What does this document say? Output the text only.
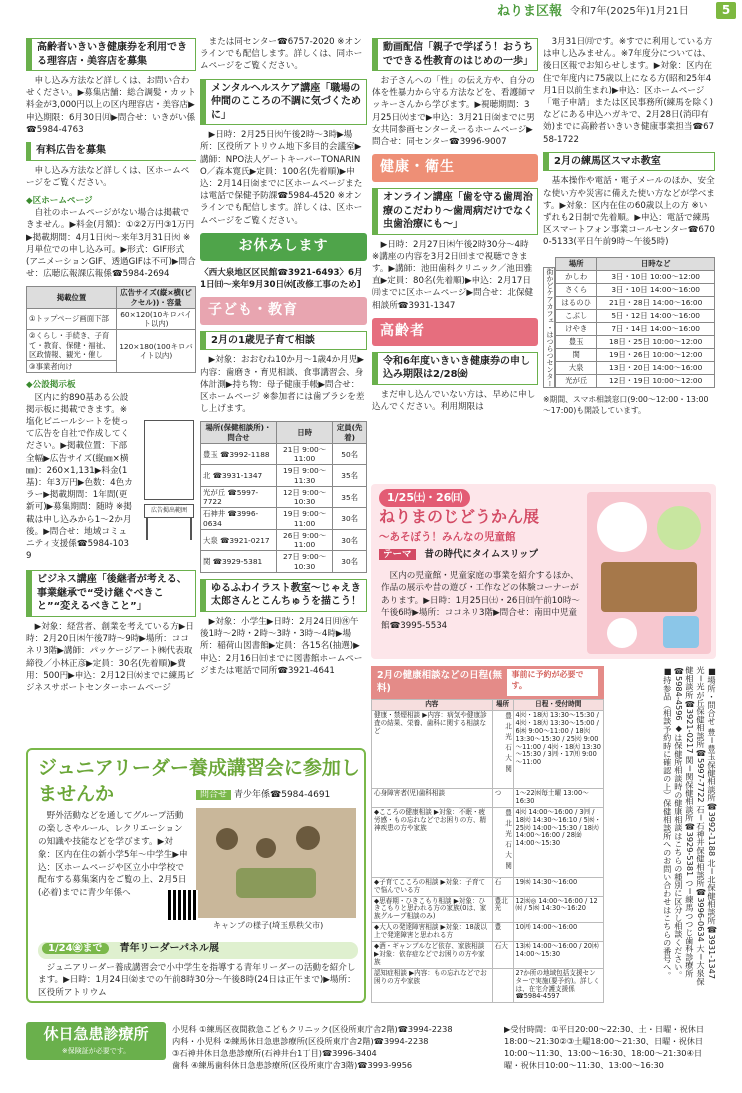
ねりま区報 令和7年(2025年)1月21日	5
高齢者いきいき健康券を利用できる理容店・美容店を募集
申し込み方法など詳しくは、お問い合わせください。▶募集店舗：総合調髪・カット料金が3,000円以上の区内理容店・美容店▶申込期限：6月30日㈪▶問合せ：いきがい係☎5984-4763
有料広告を募集
申し込み方法など詳しくは、区ホームページをご覧ください。
◆区ホームページ
自社のホームページがない場合は掲載できません。▶料金(月額)：①②2万円③1万円▶掲載期間：4月1日㈫～来年3月31日㈫ ※月単位での申し込み可。▶形式：GIF形式(アニメーションGIF、透過GIFは不可)▶問合せ：広聴広報課広報係☎5984-2694
掲載位置	広告サイズ(縦×横(ピクセル))・容量
①トップページ画面下部	60×120(10キロバイト以内)
②くらし・手続き、子育て・教育、保健・福祉、区政情報、観光・催し	120×180(100キロバイト以内)
③事業者向け	
◆公設掲示板
区内に約890基ある公設掲示板に掲載できます。※塩化ビニールシートを使って広告を自社で作成してください。▶掲載位置：下部全幅▶広告サイズ(縦㎜×横㎜)：260×1,131▶料金(1基)：年3万円▶色数：4色カラー▶掲載期間：1年間(更新可)▶募集期間：随時 ※掲載は申し込みから1～2か月後。▶問合せ：地域コミュニティ支援係☎5984-1039
広告掲出範囲
ビジネス講座「後継者が考える、事業継承で“受け継ぐべきこと”“変えるべきこと”」
▶対象：経営者、創業を考えている方▶日時：2月20日㈭午後7時～9時▶場所：ココネリ3階▶講師：パッケージアート㈱代表取締役／小林正彦▶定員：30名(先着順)▶費用：500円▶申込：2月12日㈬までに練馬ビジネスサポートセンターホームページ
または同センター☎6757-2020 ※オンラインでも配信します。詳しくは、同ホームページをご覧ください。
メンタルヘルスケア講座「職場の仲間のこころの不調に気づくために」
▶日時：2月25日㈫午後2時～3時▶場所：区役所アトリウム地下多目的会議室▶講師：NPO法人ゲートキーパーTONARINO／森本寛氏▶定員：100名(先着順)▶申込：2月14日㈮までに区ホームページまたは電話で保健予防課☎5984-4520 ※オンラインでも配信します。詳しくは、区ホームページをご覧ください。
お休みします
〈西大泉地区区民館☎3921-6493〉6月1日㈰～来年9月30日㈬[改修工事のため]
子ども・教育
2月の1歳児子育て相談
▶対象：おおむね10か月～1歳4か月児▶内容：歯磨き・育児相談、食事講習会、身体計測▶持ち物：母子健康手帳▶問合せ：区ホームページ ※参加者には歯ブラシを差し上げます。
場所(保健相談所)・問合せ	日時	定員(先着)
豊玉 ☎3992-1188	21日 9:00～11:00	50名
北 ☎3931-1347	19日 9:00～11:30	35名
光が丘 ☎5997-7722	12日 9:00～10:30	35名
石神井 ☎3996-0634	19日 9:00～11:00	30名
大泉 ☎3921-0217	26日 9:00～11:00	30名
関 ☎3929-5381	27日 9:00～10:30	30名
ゆるふわイラスト教室～じゃえき太郎さんとこんちゅうを描こう！
▶対象：小学生▶日時：2月24日㈪㊡午後1時～2時・2時～3時・3時～4時▶場所：稲荷山図書館▶定員：各15名(抽選)▶申込：2月16日㈰までに図書館ホームページまたは電話で同所☎3921-4641
動画配信「親子で学ぼう！おうちでできる性教育のはじめの一歩」
お子さんへの「性」の伝え方や、自分の体を性暴力から守る方法などを、看護師マッキーさんから学びます。▶視聴期間：3月25日㈫まで▶申込：3月21日㈮までに男女共同参画センターえーるホームページ▶問合せ：同センター☎3996-9007
健康・衛生
オンライン講座「歯を守る歯周治療のこだわり～歯周病だけでなく虫歯治療にも～」
▶日時：2月27日㈭午後2時30分～4時 ※講座の内容を3月2日㈰まで視聴できます。▶講師：池田歯科クリニック／池田雅直▶定員：80名(先着順)▶申込：2月17日㈪までに区ホームページ▶問合せ：北保健相談所☎3931-1347
高齢者
令和6年度いきいき健康券の申し込み期限は2/28㈮
まだ申し込んでいない方は、早めに申し込んでください。利用期限は
3月31日㈪です。※すでに利用している方は申し込みません。※7年度分については、後日区報でお知らせします。▶対象：区内在住で年度内に75歳以上になる方(昭和25年4月1日以前生まれ)▶申込：区ホームページ「電子申請」または区民事務所(練馬を除く)などにある申込ハガキで、2月28日(消印有効)までに高齢者いきいき健康事業担当☎6758-1722
2月の練馬区スマホ教室
基本操作や電話・電子メールのほか、安全な使い方や災害に備えた使い方などが学べます。▶対象：区内在住の60歳以上の方 ※いずれも2日制で先着順。▶申込：電話で練馬区スマートフォン事業コールセンター☎6700-5133(平日午前9時～午後5時)
街かどケアカフェ・はつらつセンター
場所	日時など
かしわ	3日・10日 10:00～12:00
さくら	3日・10日 14:00～16:00
はるのひ	21日・28日 14:00～16:00
こぶし	5日・12日 14:00～16:00
けやき	7日・14日 14:00～16:00
豊玉	18日・25日 10:00～12:00
関	19日・26日 10:00～12:00
大泉	13日・20日 14:00～16:00
光が丘	12日・19日 10:00～12:00
※期間、スマホ相談窓口(9:00～12:00・13:00～17:00)も開設しています。
1/25㈯・26㈰
ねりまのじどうかん展
～あそぼう！みんなの児童館
テーマ 昔の時代にタイムスリップ
区内の児童館・児童家庭の事業を紹介するほか、作品の展示や昔の遊び・工作などの体験コーナーがあります。▶日時：1月25日㈯・26日㈰午前10時～午後6時▶場所：ココネリ3階▶問合せ：南田中児童館☎3995-5534
2月の健康相談などの日程(無料)
事前に予約が必要です。
内容	場所	日程・受付時間
健康・禁煙相談 ▶内容：病気や健康診査の結果、栄養、歯科に関する相談など	豊北光石大関	4㈫・18㈫ 13:30～15:30 / 4㈫・18㈫ 13:30～15:00 / 6㈭ 9:00～11:00 / 18㈫ 13:30～15:30 / 25㈫ 9:00～11:00 / 4㈫・18㈫ 13:30～15:30 / 3㈪・17㈪ 9:00～11:00
心身障害者(児)歯科相談	つ	1～22㈬毎土曜 13:00～16:30
◆こころの健康相談 ▶対象：不眠・疲労感・もの忘れなどでお困りの方、精神疾患の方や家族	豊北光石大関	4㈫ 14:00～16:00 / 3㈪ / 18㈫ 14:30～16:10 / 5㈬・25㈫ 14:00～15:30 / 18㈫ 14:00～16:00 / 28㈮ 14:00～15:30
◆子育てこころの相談 ▶対象：子育てで悩んでいる方	石	19㈬ 14:30～16:00
◆思春期・ひきこもり相談 ▶対象：ひきこもりと思われる方の家族(0は、家族グループ相談のみ)	豊北光	12㈬◎ 14:00～16:00 / 12㈬ / 5㈬ 14:30～16:20
◆大人の発達障害相談 ▶対象：18歳以上で発達障害と思われる方	豊	10㈪ 14:00～16:00
◆酒・ギャンブルなど依存、家族相談 ▶対象：依存症などでお困りの方や家族	石大	13㈭ 14:00～16:00 / 20㈭ 14:00～15:30
認知症相談 ▶内容：もの忘れなどでお困りの方や家族		2?か所の地域包括支援センターで実施(要予約)。詳しくは、在宅介護支援係☎5984-4597
■場所・問合せ 豊＝豊玉保健相談所☎3992-1188 北＝北保健相談所☎3931-1347 光＝光が丘保健相談所☎5997-7722 石＝石神井保健相談所☎3996-0634 大＝大泉保健相談所☎3921-0217 関＝関保健相談所☎3929-5381 つ＝練馬つつじ歯科診療所☎5984-4596 ◆は保健所相談時の健康相談はこちらの種別に区分し相談ください。■持参品（相談予約時に確認の上）保健相談所へのお問い合わせはこちらの番号へ。
ジュニアリーダー養成講習会に参加しませんか	問合せ 青少年係☎5984-4691
野外活動などを通してグループ活動の楽しさやルール、レクリエーションの知識や技能などを学びます。▶対象：区内在住の新小学5年～中学生▶申込：区ホームページや区立小中学校で配布する募集案内をご覧の上、2月5日(必着)までに青少年係へ
キャンプの様子(埼玉県秩父市)
1/24㊎まで 青年リーダーパネル展
ジュニアリーダー養成講習会で小中学生を指導する青年リーダーの活動を紹介します。▶日時：1月24日㈮までの午前8時30分～午後8時(24日は正午まで)▶場所：区役所アトリウム
休日急患診療所
※保険証が必要です。
小児科 ①練馬区夜間救急こどもクリニック(区役所東庁舎2階)☎3994-2238
内科・小児科 ②練馬休日急患診療所(区役所東庁舎2階)☎3994-2238
③石神井休日急患診療所(石神井台1丁目)☎3996-3404
歯科 ④練馬歯科休日急患診療所(区役所東庁舎3階)☎3993-9956
▶受付時間：①平日20:00～22:30、土・日曜・祝休日18:00～21:30②③土曜18:00～21:30、日曜・祝休日10:00～11:30、13:00～16:30、18:00～21:30④日曜・祝休日10:00～11:30、13:00～16:30
